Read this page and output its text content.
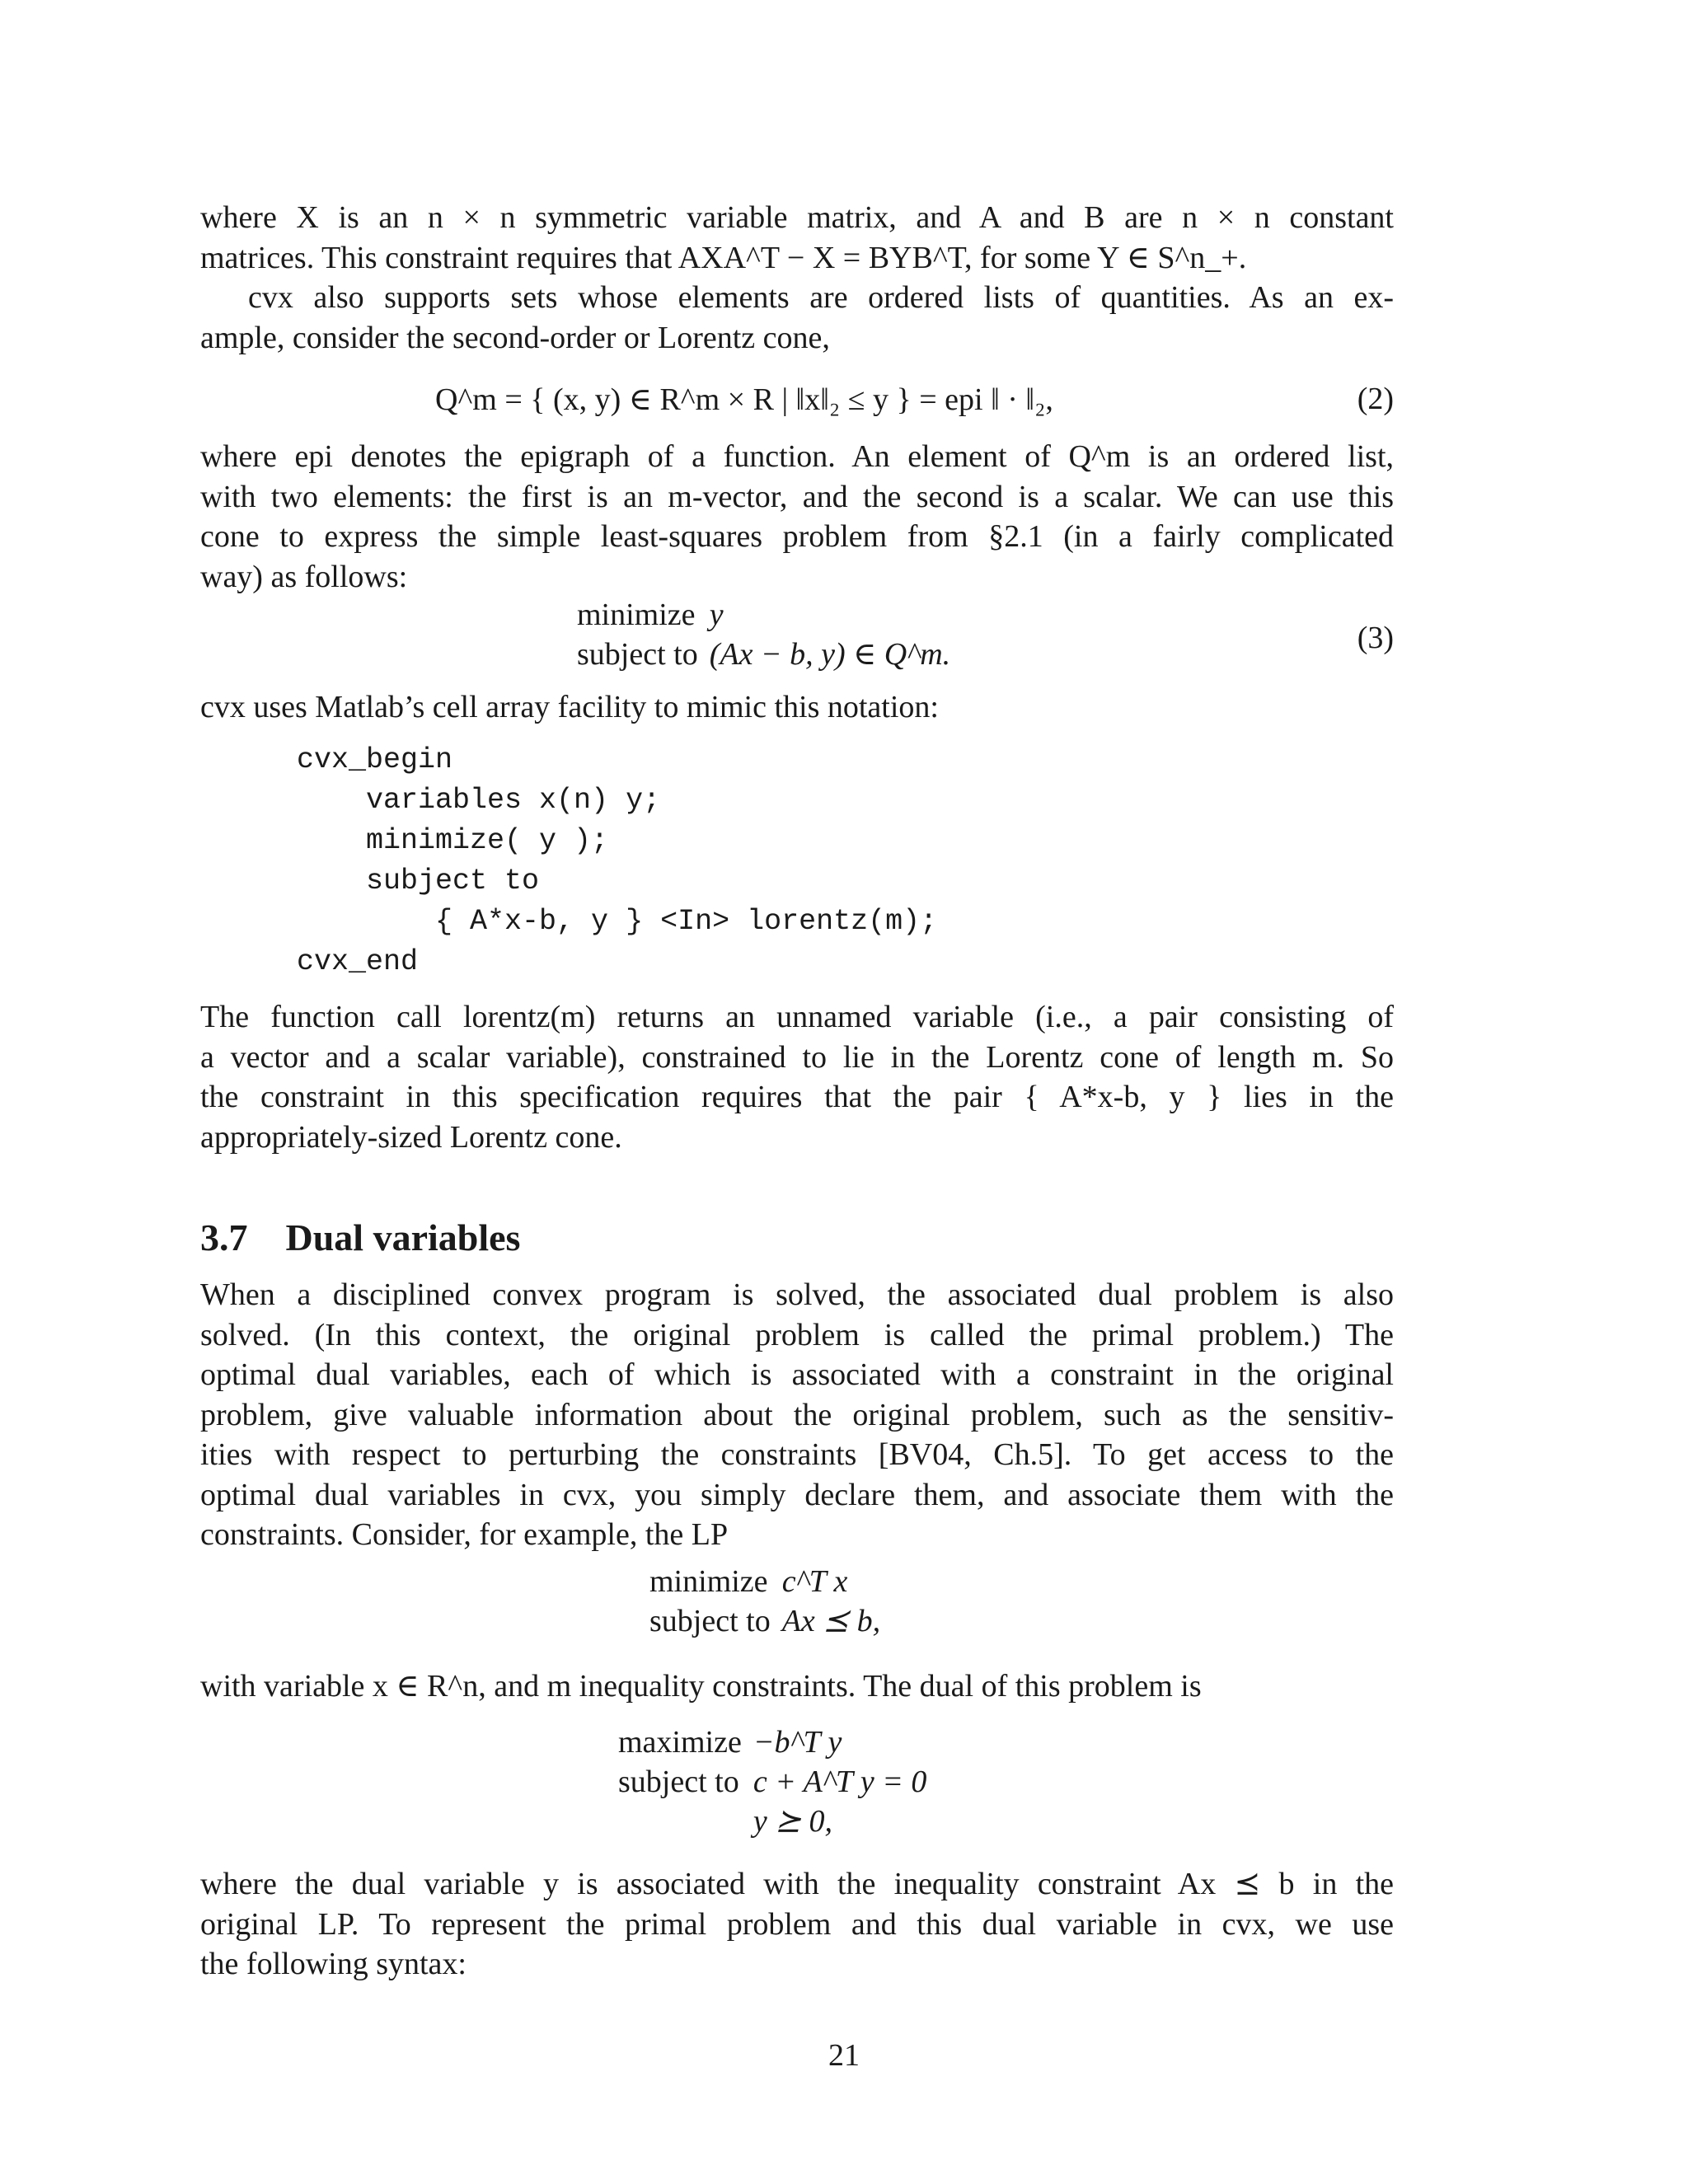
where X is an n × n symmetric variable matrix, and A and B are n × n constant
matrices. This constraint requires that AXA^T − X = BYB^T, for some Y ∈ S^n_+.
cvx also supports sets whose elements are ordered lists of quantities. As an ex-
ample, consider the second-order or Lorentz cone,
Q^m = { (x, y) ∈ R^m × R | ‖x‖₂ ≤ y } = epi ‖ · ‖₂,	(2)
where epi denotes the epigraph of a function. An element of Q^m is an ordered list,
with two elements: the first is an m-vector, and the second is a scalar. We can use this
cone to express the simple least-squares problem from §2.1 (in a fairly complicated
way) as follows:
minimize	y
subject to	(Ax − b, y) ∈ Q^m.	(3)
cvx uses Matlab’s cell array facility to mimic this notation:
cvx_begin
variables x(n) y;
minimize( y );
subject to
{ A*x-b, y } <In> lorentz(m);
cvx_end
The function call lorentz(m) returns an unnamed variable (i.e., a pair consisting of
a vector and a scalar variable), constrained to lie in the Lorentz cone of length m. So
the constraint in this specification requires that the pair { A*x-b, y } lies in the
appropriately-sized Lorentz cone.
3.7 Dual variables
When a disciplined convex program is solved, the associated dual problem is also
solved. (In this context, the original problem is called the primal problem.) The
optimal dual variables, each of which is associated with a constraint in the original
problem, give valuable information about the original problem, such as the sensitiv-
ities with respect to perturbing the constraints [BV04, Ch.5]. To get access to the
optimal dual variables in cvx, you simply declare them, and associate them with the
constraints. Consider, for example, the LP
minimize	c^T x
subject to	Ax ⪯ b,
with variable x ∈ R^n, and m inequality constraints. The dual of this problem is
maximize	−b^T y
subject to	c + A^T y = 0
	y ⪰ 0,
where the dual variable y is associated with the inequality constraint Ax ⪯ b in the
original LP. To represent the primal problem and this dual variable in cvx, we use
the following syntax:
21
